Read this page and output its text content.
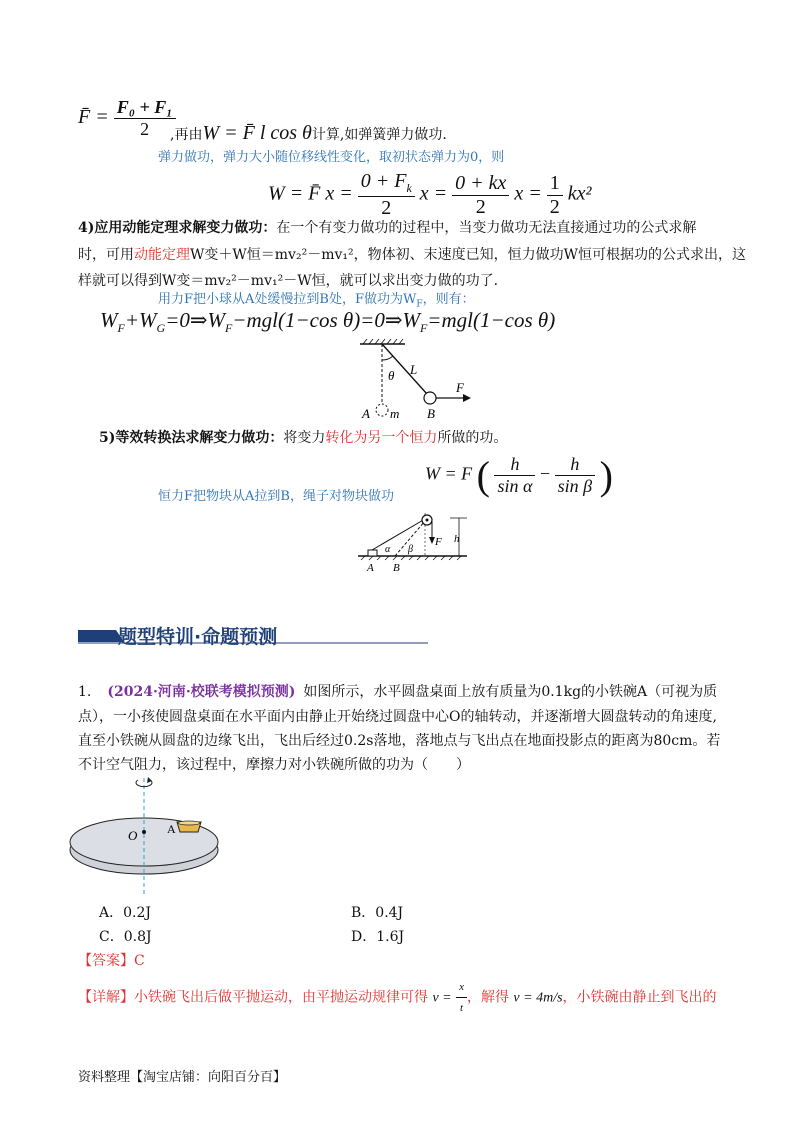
F̄ = $\frac{\text{F₀ + F₁}}{2}$
,再由W = F̄ l cos θ计算,如弹簧弹力做功.
弹力做功，弹力大小随位移线性变化，取初状态弹力为0，则
W = F̄ $x = \frac{0 + F_k}{2}$ $x = \frac{0 + kx}{2}$ $x = \frac{1}{2} kx^2$
4)应用动能定理求解变力做功：在一个有变力做功的过程中，当变力做功无法直接通过功的公式求解
时，可用动能定理W变＋W恒＝mv₂²－mv₁²，物体初、末速度已知，恒力做功W恒可根据功的公式求出，这
样就可以得到W变＝mv₂²－mv₁²－W恒，就可以求出变力做的功了．
用力F把小球从A处缓慢拉到B处，F做功为$W_F$，则有：
$W_F+W_G=0\Rightarrow W_F-mgl(1-\cos$ $\theta)=0\Rightarrow W_F=mgl(1-\cos$ θ)
θ L
F
A m B
5)等效转换法求解变力做功：将变力转化为另一个恒力所做的功。
W = F ( $\frac{h}{\text{sin α}} - \frac{h}{\text{sin β}}$ )
恒力F把物块从A拉到B，绳子对物块做功
F h
α β
A B
题型特训·命题预测
1. (2024·河南·校联考模拟预测) 如图所示，水平圆盘桌面上放有质量为0.1kg的小铁碗A（可视为质
点），一小孩使圆盘桌面在水平面内由静止开始绕过圆盘中心O的轴转动，并逐渐增大圆盘转动的角速度,
直至小铁碗从圆盘的边缘飞出，飞出后经过0.2s落地，落地点与飞出点在地面投影点的距离为80cm。若
不计空气阻力，该过程中，摩擦力对小铁碗所做的功为（　　）
O A
A．0.2J	B．0.4J
C．0.8J	D．1.6J
【答案】C
【详解】小铁碗飞出后做平抛运动，由平抛运动规律可得 $v = \frac{x}{t}$ ，解得 v = 4m/s，小铁碗由静止到飞出的
资料整理【淘宝店铺：向阳百分百】
